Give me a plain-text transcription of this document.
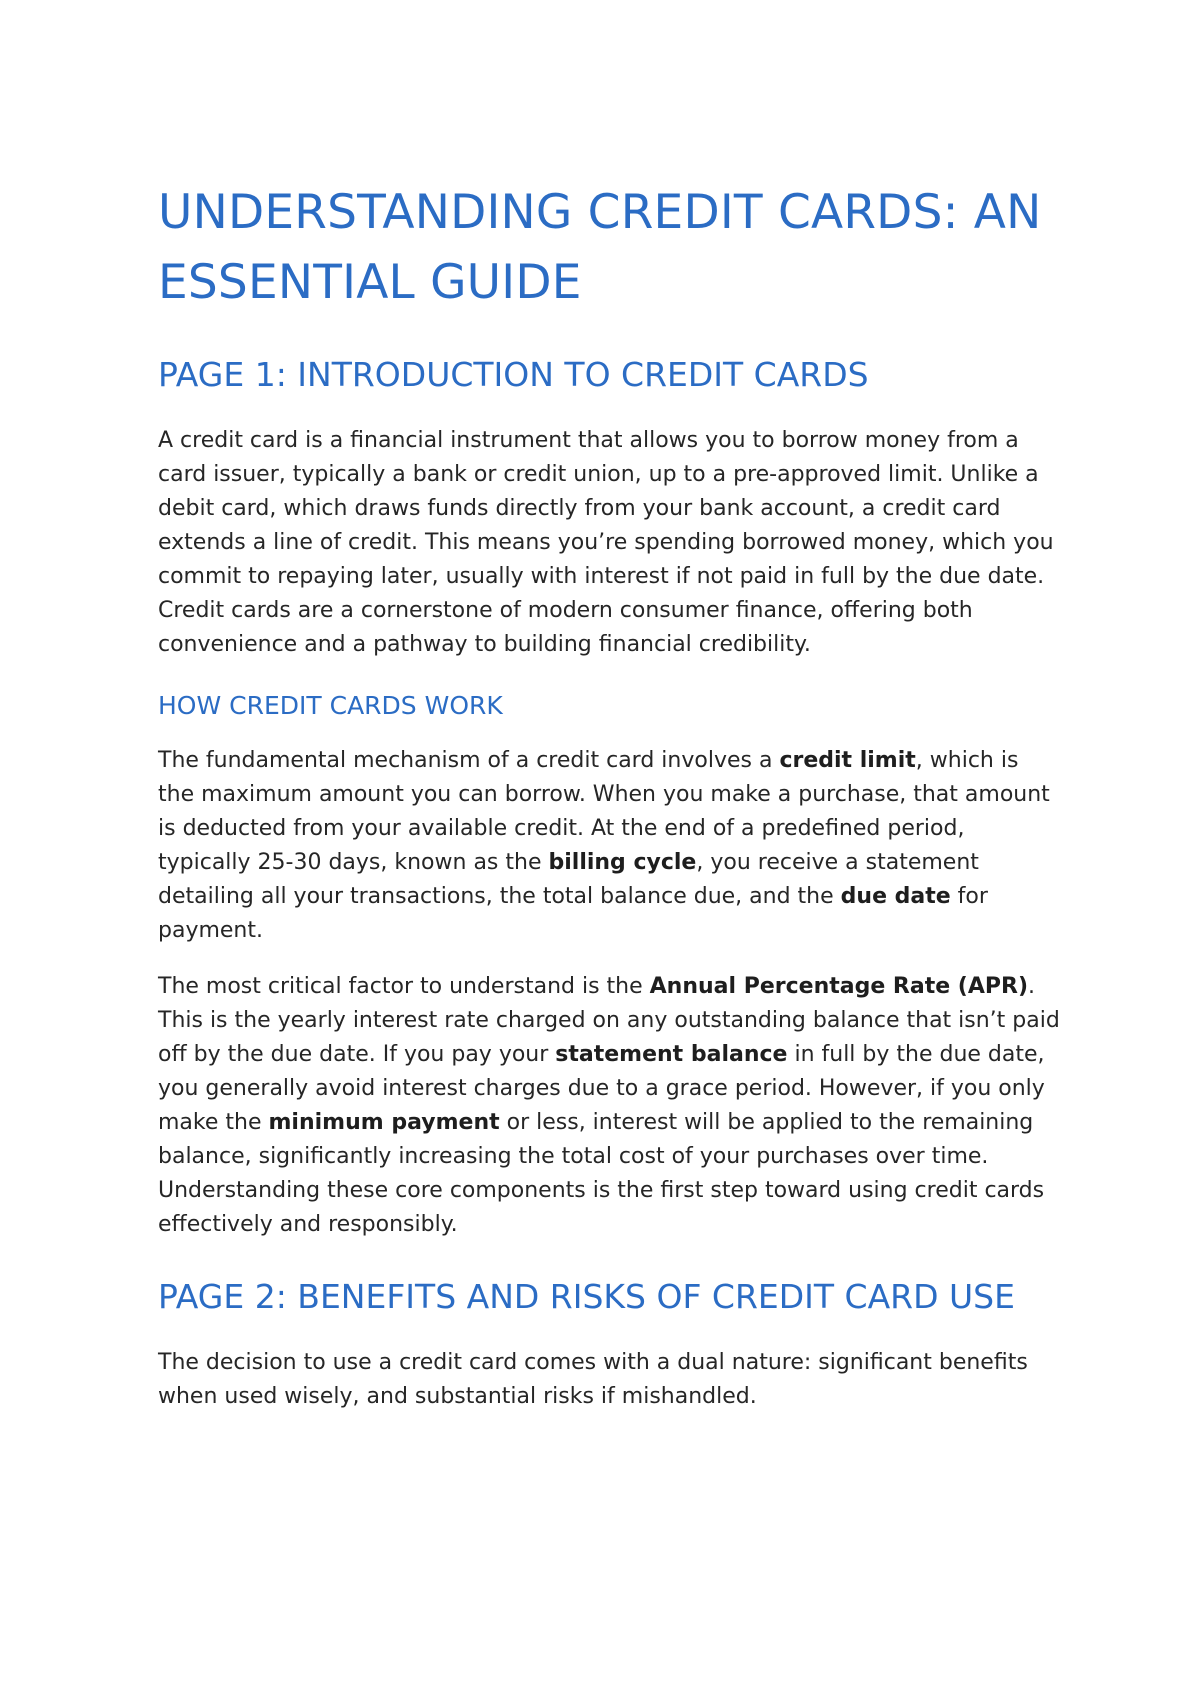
UNDERSTANDING CREDIT CARDS: AN ESSENTIAL GUIDE
PAGE 1: INTRODUCTION TO CREDIT CARDS

A credit card is a financial instrument that allows you to borrow money from a card issuer, typically a bank or credit union, up to a pre-approved limit. Unlike a debit card, which draws funds directly from your bank account, a credit card extends a line of credit. This means you’re spending borrowed money, which you commit to repaying later, usually with interest if not paid in full by the due date. Credit cards are a cornerstone of modern consumer finance, offering both convenience and a pathway to building financial credibility.

HOW CREDIT CARDS WORK

The fundamental mechanism of a credit card involves a credit limit, which is the maximum amount you can borrow. When you make a purchase, that amount is deducted from your available credit. At the end of a predefined period, typically 25-30 days, known as the billing cycle, you receive a statement detailing all your transactions, the total balance due, and the due date for payment.

The most critical factor to understand is the Annual Percentage Rate (APR). This is the yearly interest rate charged on any outstanding balance that isn’t paid off by the due date. If you pay your statement balance in full by the due date, you generally avoid interest charges due to a grace period. However, if you only make the minimum payment or less, interest will be applied to the remaining balance, significantly increasing the total cost of your purchases over time. Understanding these core components is the first step toward using credit cards effectively and responsibly.

PAGE 2: BENEFITS AND RISKS OF CREDIT CARD USE

The decision to use a credit card comes with a dual nature: significant benefits when used wisely, and substantial risks if mishandled.
